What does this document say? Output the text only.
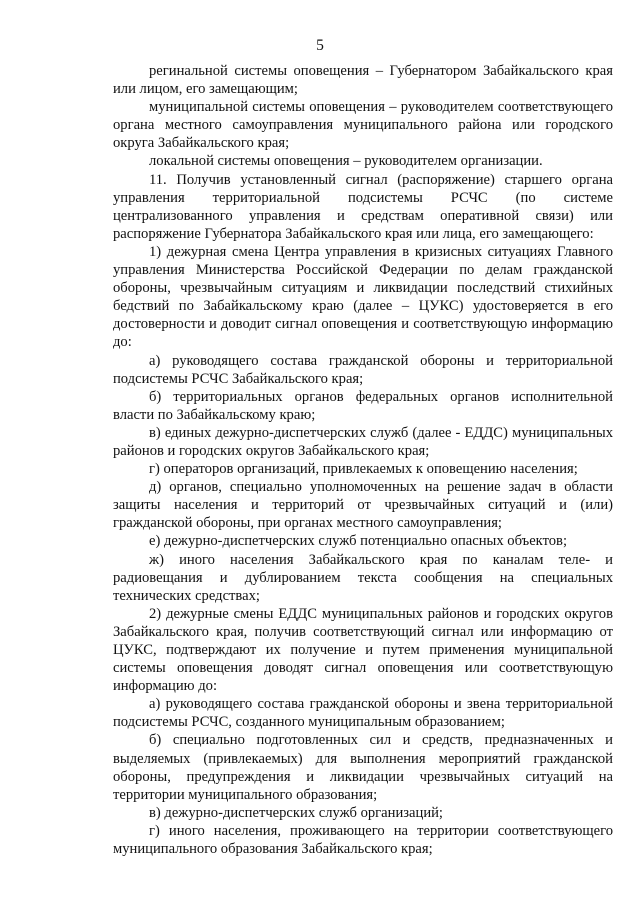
5

регинальной системы оповещения – Губернатором Забайкальского края или лицом, его замещающим;

муниципальной системы оповещения – руководителем соответствующего органа местного самоуправления муниципального района или городского округа Забайкальского края;

локальной системы оповещения – руководителем организации.

11. Получив установленный сигнал (распоряжение) старшего органа управления территориальной подсистемы РСЧС (по системе централизованного управления и средствам оперативной связи) или распоряжение Губернатора Забайкальского края или лица, его замещающего:

1) дежурная смена Центра управления в кризисных ситуациях Главного управления Министерства Российской Федерации по делам гражданской обороны, чрезвычайным ситуациям и ликвидации последствий стихийных бедствий по Забайкальскому краю (далее – ЦУКС) удостоверяется в его достоверности и доводит сигнал оповещения и соответствующую информацию до:

а) руководящего состава гражданской обороны и территориальной подсистемы РСЧС Забайкальского края;

б) территориальных органов федеральных органов исполнительной власти по Забайкальскому краю;

в) единых дежурно-диспетчерских служб (далее - ЕДДС) муниципальных районов и городских округов Забайкальского края;

г) операторов организаций, привлекаемых к оповещению населения;

д) органов, специально уполномоченных на решение задач в области защиты населения и территорий от чрезвычайных ситуаций и (или) гражданской обороны, при органах местного самоуправления;

е) дежурно-диспетчерских служб потенциально опасных объектов;

ж) иного населения Забайкальского края по каналам теле- и радиовещания и дублированием текста сообщения на специальных технических средствах;

2) дежурные смены ЕДДС муниципальных районов и городских округов Забайкальского края, получив соответствующий сигнал или информацию от ЦУКС, подтверждают их получение и путем применения муниципальной системы оповещения доводят сигнал оповещения или соответствующую информацию до:

а) руководящего состава гражданской обороны и звена территориальной подсистемы РСЧС, созданного муниципальным образованием;

б) специально подготовленных сил и средств, предназначенных и выделяемых (привлекаемых) для выполнения мероприятий гражданской обороны, предупреждения и ликвидации чрезвычайных ситуаций на территории муниципального образования;

в) дежурно-диспетчерских служб организаций;

г) иного населения, проживающего на территории соответствующего муниципального образования Забайкальского края;
